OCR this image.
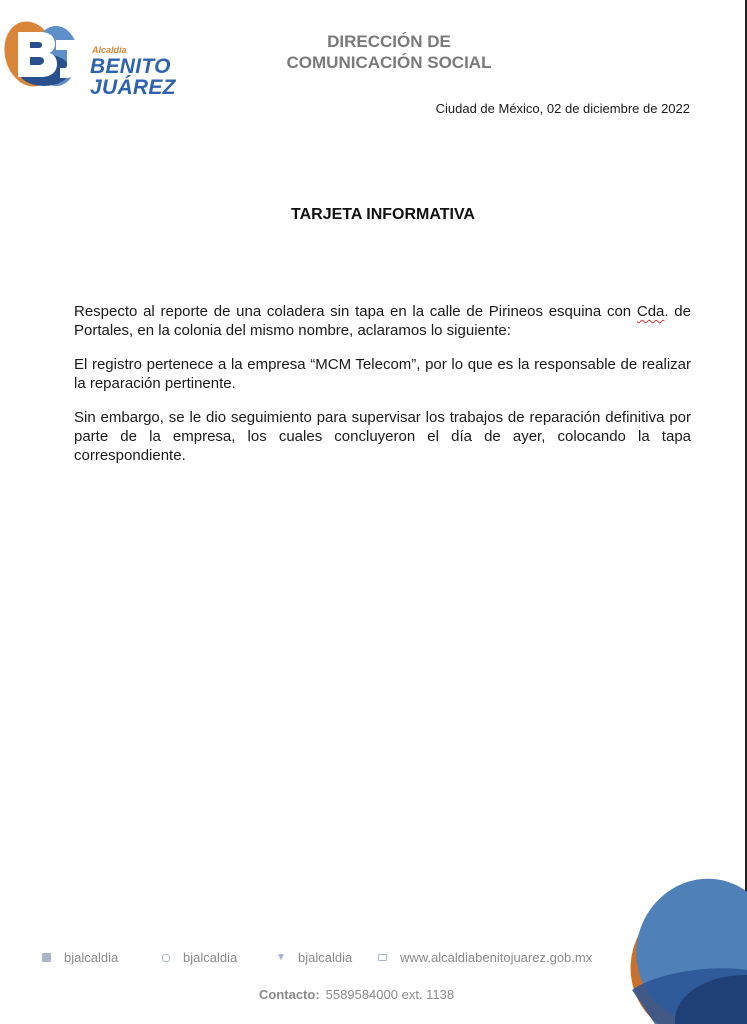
Alcaldía
BENITO
JUÁREZ
DIRECCIÓN DE
COMUNICACIÓN SOCIAL
Ciudad de México, 02 de diciembre de 2022
TARJETA INFORMATIVA

Respecto al reporte de una coladera sin tapa en la calle de Pirineos esquina con Cda. de Portales, en la colonia del mismo nombre, aclaramos lo siguiente:

El registro pertenece a la empresa “MCM Telecom”, por lo que es la responsable de realizar la reparación pertinente.

Sin embargo, se le dio seguimiento para supervisar los trabajos de reparación definitiva por parte de la empresa, los cuales concluyeron el día de ayer, colocando la tapa correspondiente.

bjalcaldia	bjalcaldia	▼ bjalcaldia	www.alcaldiabenitojuarez.gob.mx
Contacto: 5589584000 ext. 1138
